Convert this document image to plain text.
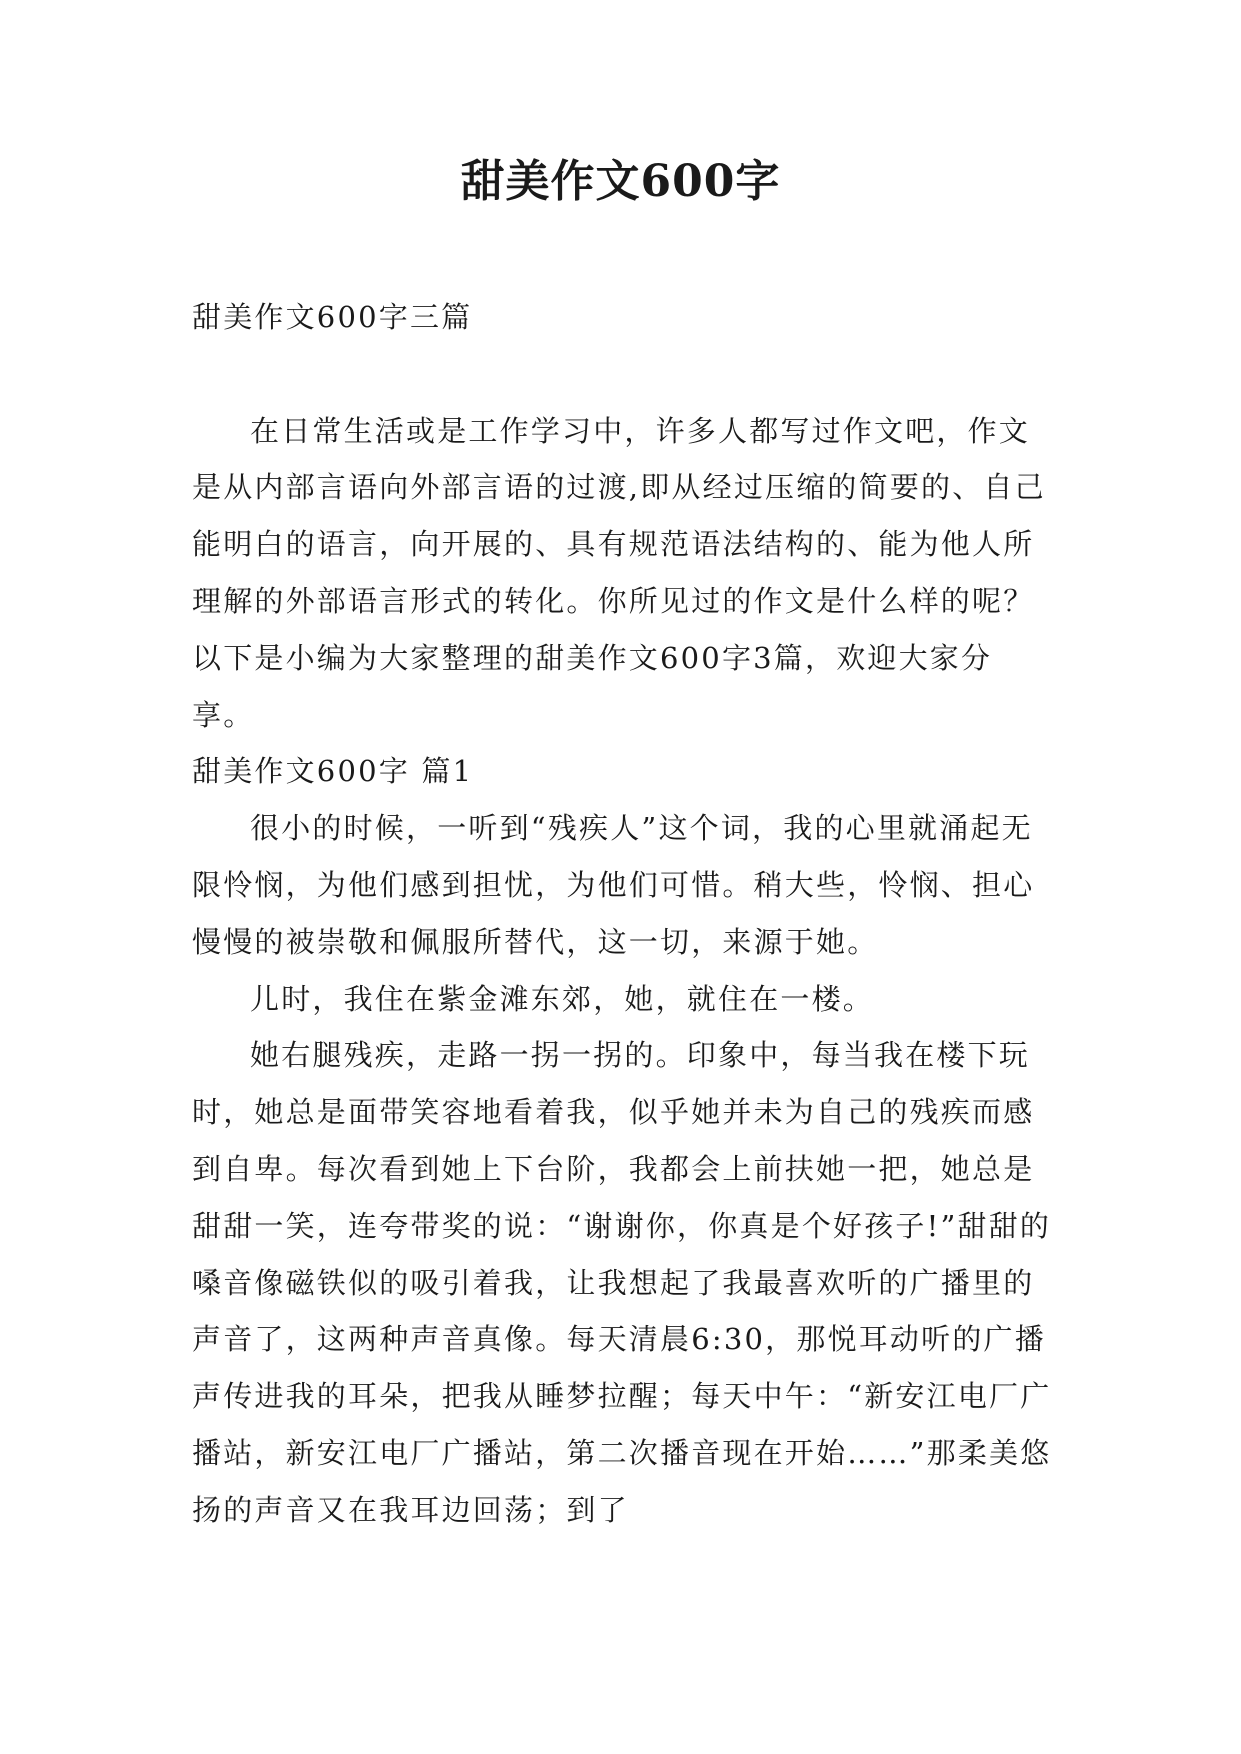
甜美作文600字

甜美作文600字三篇

在日常生活或是工作学习中，许多人都写过作文吧，作文是从内部言语向外部言语的过渡,即从经过压缩的简要的、自己能明白的语言，向开展的、具有规范语法结构的、能为他人所理解的外部语言形式的转化。你所见过的作文是什么样的呢？以下是小编为大家整理的甜美作文600字3篇，欢迎大家分享。

甜美作文600字 篇1

很小的时候，一听到“残疾人”这个词，我的心里就涌起无限怜悯，为他们感到担忧，为他们可惜。稍大些，怜悯、担心慢慢的被崇敬和佩服所替代，这一切，来源于她。

儿时，我住在紫金滩东郊，她，就住在一楼。

她右腿残疾，走路一拐一拐的。印象中，每当我在楼下玩时，她总是面带笑容地看着我，似乎她并未为自己的残疾而感到自卑。每次看到她上下台阶，我都会上前扶她一把，她总是甜甜一笑，连夸带奖的说：“谢谢你，你真是个好孩子!”甜甜的嗓音像磁铁似的吸引着我，让我想起了我最喜欢听的广播里的声音了，这两种声音真像。每天清晨6:30，那悦耳动听的广播声传进我的耳朵，把我从睡梦拉醒；每天中午：“新安江电厂广播站，新安江电厂广播站，第二次播音现在开始……”那柔美悠扬的声音又在我耳边回荡；到了
